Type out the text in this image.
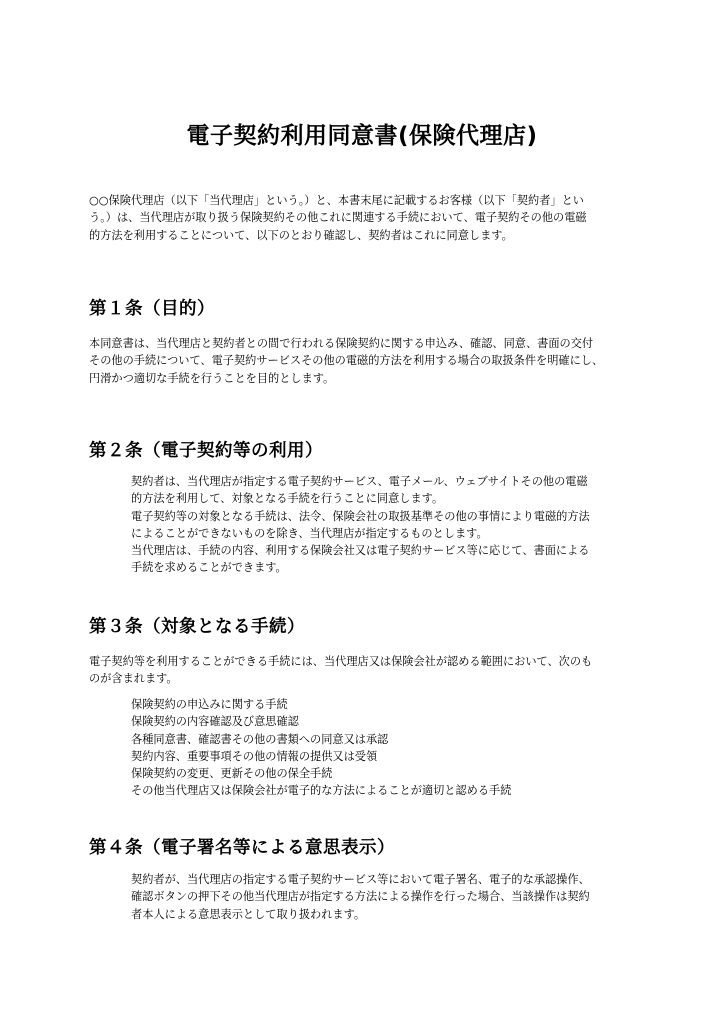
電子契約利用同意書(保険代理店)

○○保険代理店（以下「当代理店」という。）と、本書末尾に記載するお客様（以下「契約者」とい
う。）は、当代理店が取り扱う保険契約その他これに関連する手続において、電子契約その他の電磁
的方法を利用することについて、以下のとおり確認し、契約者はこれに同意します。

第１条（目的）

本同意書は、当代理店と契約者との間で行われる保険契約に関する申込み、確認、同意、書面の交付
その他の手続について、電子契約サービスその他の電磁的方法を利用する場合の取扱条件を明確にし、
円滑かつ適切な手続を行うことを目的とします。

第２条（電子契約等の利用）
契約者は、当代理店が指定する電子契約サービス、電子メール、ウェブサイトその他の電磁
的方法を利用して、対象となる手続を行うことに同意します。
電子契約等の対象となる手続は、法令、保険会社の取扱基準その他の事情により電磁的方法
によることができないものを除き、当代理店が指定するものとします。
当代理店は、手続の内容、利用する保険会社又は電子契約サービス等に応じて、書面による
手続を求めることができます。
第３条（対象となる手続）

電子契約等を利用することができる手続には、当代理店又は保険会社が認める範囲において、次のも
のが含まれます。

保険契約の申込みに関する手続
保険契約の内容確認及び意思確認
各種同意書、確認書その他の書類への同意又は承認
契約内容、重要事項その他の情報の提供又は受領
保険契約の変更、更新その他の保全手続
その他当代理店又は保険会社が電子的な方法によることが適切と認める手続
第４条（電子署名等による意思表示）

契約者が、当代理店の指定する電子契約サービス等において電子署名、電子的な承認操作、
確認ボタンの押下その他当代理店が指定する方法による操作を行った場合、当該操作は契約
者本人による意思表示として取り扱われます。
